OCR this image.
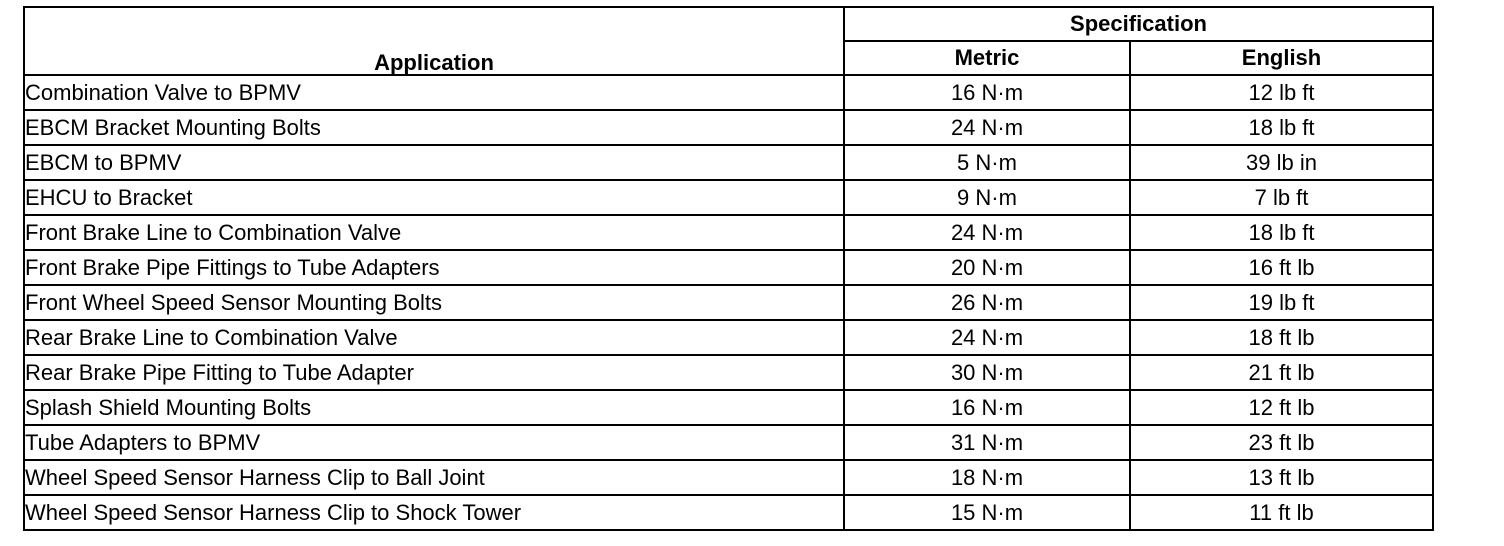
Application	Specification	
	Metric	English
Combination Valve to BPMV	16 N·m	12 lb ft
EBCM Bracket Mounting Bolts	24 N·m	18 lb ft
EBCM to BPMV	5 N·m	39 lb in
EHCU to Bracket	9 N·m	7 lb ft
Front Brake Line to Combination Valve	24 N·m	18 lb ft
Front Brake Pipe Fittings to Tube Adapters	20 N·m	16 ft lb
Front Wheel Speed Sensor Mounting Bolts	26 N·m	19 lb ft
Rear Brake Line to Combination Valve	24 N·m	18 ft lb
Rear Brake Pipe Fitting to Tube Adapter	30 N·m	21 ft lb
Splash Shield Mounting Bolts	16 N·m	12 ft lb
Tube Adapters to BPMV	31 N·m	23 ft lb
Wheel Speed Sensor Harness Clip to Ball Joint	18 N·m	13 ft lb
Wheel Speed Sensor Harness Clip to Shock Tower	15 N·m	11 ft lb
